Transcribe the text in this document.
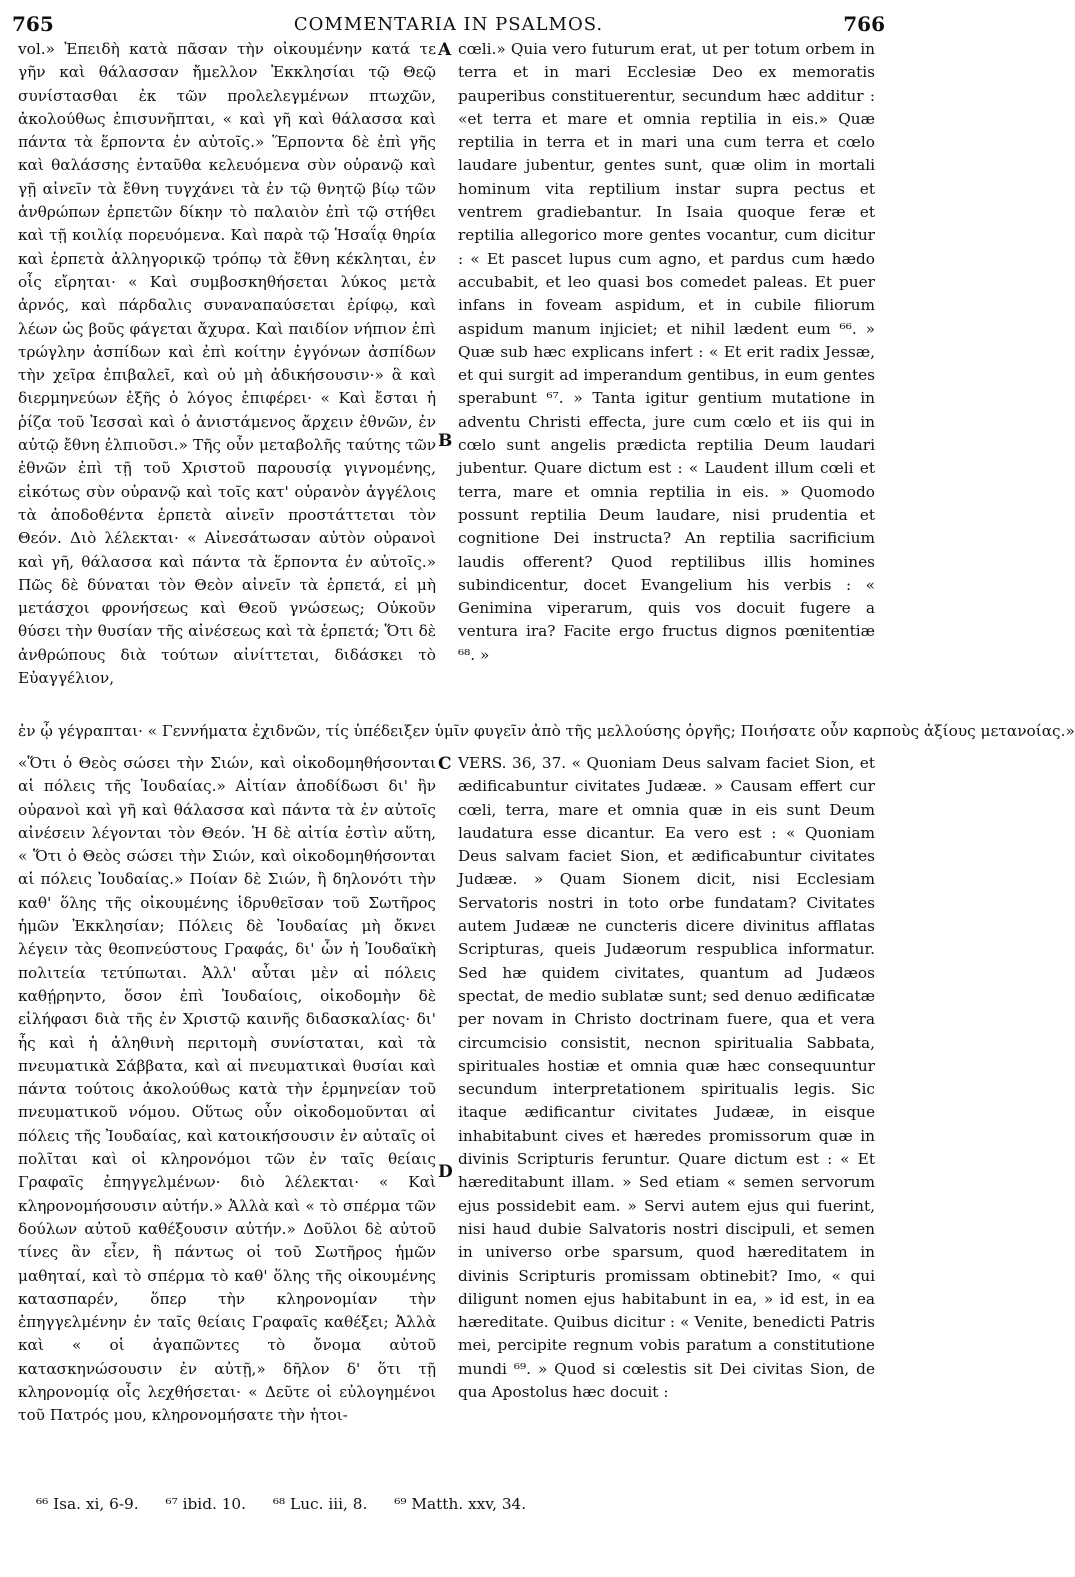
765	COMMENTARIA IN PSALMOS.	766

vol.» Ἐπειδὴ κατὰ πᾶσαν τὴν οἰκουμένην κατά τε γῆν καὶ θάλασσαν ἤμελλον Ἐκκλησίαι τῷ Θεῷ συνίστασθαι ἐκ τῶν προλελεγμένων πτωχῶν, ἀκολούθως ἐπισυνῆπται, « καὶ γῆ καὶ θάλασσα καὶ πάντα τὰ ἕρποντα ἐν αὐτοῖς.» Ἕρποντα δὲ ἐπὶ γῆς καὶ θαλάσσης ἐνταῦθα κελευόμενα σὺν οὐρανῷ καὶ γῇ αἰνεῖν τὰ ἔθνη τυγχάνει τὰ ἐν τῷ θνητῷ βίῳ τῶν ἀνθρώπων ἑρπετῶν δίκην τὸ παλαιὸν ἐπὶ τῷ στήθει καὶ τῇ κοιλίᾳ πορευόμενα. Καὶ παρὰ τῷ Ἡσαΐᾳ θηρία καὶ ἑρπετὰ ἀλληγορικῷ τρόπῳ τὰ ἔθνη κέκληται, ἐν οἷς εἴρηται· « Καὶ συμβοσκηθήσεται λύκος μετὰ ἀρνός, καὶ πάρδαλις συναναπαύσεται ἐρίφῳ, καὶ λέων ὡς βοῦς φάγεται ἄχυρα. Καὶ παιδίον νήπιον ἐπὶ τρώγλην ἀσπίδων καὶ ἐπὶ κοίτην ἐγγόνων ἀσπίδων τὴν χεῖρα ἐπιβαλεῖ, καὶ οὐ μὴ ἀδικήσουσιν·» ἃ καὶ διερμηνεύων ἑξῆς ὁ λόγος ἐπιφέρει· « Καὶ ἔσται ἡ ῥίζα τοῦ Ἰεσσαὶ καὶ ὁ ἀνιστάμενος ἄρχειν ἐθνῶν, ἐν αὐτῷ ἔθνη ἐλπιοῦσι.» Τῆς οὖν μεταβολῆς ταύτης τῶν ἐθνῶν ἐπὶ τῇ τοῦ Χριστοῦ παρουσίᾳ γιγνομένης, εἰκότως σὺν οὐρανῷ καὶ τοῖς κατ' οὐρανὸν ἀγγέλοις τὰ ἀποδοθέντα ἑρπετὰ αἰνεῖν προστάττεται τὸν Θεόν. Διὸ λέλεκται· « Αἰνεσάτωσαν αὐτὸν οὐρανοὶ καὶ γῆ, θάλασσα καὶ πάντα τὰ ἕρποντα ἐν αὐτοῖς.» Πῶς δὲ δύναται τὸν Θεὸν αἰνεῖν τὰ ἑρπετά, εἰ μὴ μετάσχοι φρονήσεως καὶ Θεοῦ γνώσεως; Οὐκοῦν θύσει τὴν θυσίαν τῆς αἰνέσεως καὶ τὰ ἑρπετά; Ὅτι δὲ ἀνθρώπους διὰ τούτων αἰνίττεται, διδάσκει τὸ Εὐαγγέλιον,

cœli.» Quia vero futurum erat, ut per totum orbem in terra et in mari Ecclesiæ Deo ex memoratis pauperibus constituerentur, secundum hæc additur : «et terra et mare et omnia reptilia in eis.» Quæ reptilia in terra et in mari una cum terra et cœlo laudare jubentur, gentes sunt, quæ olim in mortali hominum vita reptilium instar supra pectus et ventrem gradiebantur. In Isaia quoque feræ et reptilia allegorico more gentes vocantur, cum dicitur : « Et pascet lupus cum agno, et pardus cum hædo accubabit, et leo quasi bos comedet paleas. Et puer infans in foveam aspidum, et in cubile filiorum aspidum manum injiciet; et nihil lædent eum ⁶⁶. » Quæ sub hæc explicans infert : « Et erit radix Jessæ, et qui surgit ad imperandum gentibus, in eum gentes sperabunt ⁶⁷. » Tanta igitur gentium mutatione in adventu Christi effecta, jure cum cœlo et iis qui in cœlo sunt angelis prædicta reptilia Deum laudari jubentur. Quare dictum est : « Laudent illum cœli et terra, mare et omnia reptilia in eis. » Quomodo possunt reptilia Deum laudare, nisi prudentia et cognitione Dei instructa? An reptilia sacrificium laudis offerent? Quod reptilibus illis homines subindicentur, docet Evangelium his verbis : « Genimina viperarum, quis vos docuit fugere a ventura ira? Facite ergo fructus dignos pœnitentiæ ⁶⁸. »

ἐν ᾧ γέγραπται· « Γεννήματα ἐχιδνῶν, τίς ὑπέδειξεν ὑμῖν φυγεῖν ἀπὸ τῆς μελλούσης ὀργῆς; Ποιήσατε οὖν καρποὺς ἀξίους μετανοίας.»

A
B
C
D

«Ὅτι ὁ Θεὸς σώσει τὴν Σιών, καὶ οἰκοδομηθήσονται αἱ πόλεις τῆς Ἰουδαίας.» Αἰτίαν ἀποδίδωσι δι' ἣν οὐρανοὶ καὶ γῆ καὶ θάλασσα καὶ πάντα τὰ ἐν αὐτοῖς αἰνέσειν λέγονται τὸν Θεόν. Ἡ δὲ αἰτία ἐστὶν αὕτη, « Ὅτι ὁ Θεὸς σώσει τὴν Σιών, καὶ οἰκοδομηθήσονται αἱ πόλεις Ἰουδαίας.» Ποίαν δὲ Σιών, ἢ δηλονότι τὴν καθ' ὅλης τῆς οἰκουμένης ἱδρυθεῖσαν τοῦ Σωτῆρος ἡμῶν Ἐκκλησίαν; Πόλεις δὲ Ἰουδαίας μὴ ὄκνει λέγειν τὰς θεοπνεύστους Γραφάς, δι' ὧν ἡ Ἰουδαϊκὴ πολιτεία τετύπωται. Ἀλλ' αὗται μὲν αἱ πόλεις καθῄρηντο, ὅσον ἐπὶ Ἰουδαίοις, οἰκοδομὴν δὲ εἰλήφασι διὰ τῆς ἐν Χριστῷ καινῆς διδασκαλίας· δι' ἧς καὶ ἡ ἀληθινὴ περιτομὴ συνίσταται, καὶ τὰ πνευματικὰ Σάββατα, καὶ αἱ πνευματικαὶ θυσίαι καὶ πάντα τούτοις ἀκολούθως κατὰ τὴν ἑρμηνείαν τοῦ πνευματικοῦ νόμου. Οὕτως οὖν οἰκοδομοῦνται αἱ πόλεις τῆς Ἰουδαίας, καὶ κατοικήσουσιν ἐν αὐταῖς οἱ πολῖται καὶ οἱ κληρονόμοι τῶν ἐν ταῖς θείαις Γραφαῖς ἐπηγγελμένων· διὸ λέλεκται· « Καὶ κληρονομήσουσιν αὐτήν.» Ἀλλὰ καὶ « τὸ σπέρμα τῶν δούλων αὐτοῦ καθέξουσιν αὐτήν.» Δοῦλοι δὲ αὐτοῦ τίνες ἂν εἶεν, ἢ πάντως οἱ τοῦ Σωτῆρος ἡμῶν μαθηταί, καὶ τὸ σπέρμα τὸ καθ' ὅλης τῆς οἰκουμένης κατασπαρέν, ὅπερ τὴν κληρονομίαν τὴν ἐπηγγελμένην ἐν ταῖς θείαις Γραφαῖς καθέξει; Ἀλλὰ καὶ « οἱ ἀγαπῶντες τὸ ὄνομα αὐτοῦ κατασκηνώσουσιν ἐν αὐτῇ,» δῆλον δ' ὅτι τῇ κληρονομίᾳ οἷς λεχθήσεται· « Δεῦτε οἱ εὐλογημένοι τοῦ Πατρός μου, κληρονομήσατε τὴν ἡτοι-

VERS. 36, 37. « Quoniam Deus salvam faciet Sion, et ædificabuntur civitates Judææ. » Causam effert cur cœli, terra, mare et omnia quæ in eis sunt Deum laudatura esse dicantur. Ea vero est : « Quoniam Deus salvam faciet Sion, et ædificabuntur civitates Judææ. » Quam Sionem dicit, nisi Ecclesiam Servatoris nostri in toto orbe fundatam? Civitates autem Judææ ne cuncteris dicere divinitus afflatas Scripturas, queis Judæorum respublica informatur. Sed hæ quidem civitates, quantum ad Judæos spectat, de medio sublatæ sunt; sed denuo ædificatæ per novam in Christo doctrinam fuere, qua et vera circumcisio consistit, necnon spiritualia Sabbata, spirituales hostiæ et omnia quæ hæc consequuntur secundum interpretationem spiritualis legis. Sic itaque ædificantur civitates Judææ, in eisque inhabitabunt cives et hæredes promissorum quæ in divinis Scripturis feruntur. Quare dictum est : « Et hæreditabunt illam. » Sed etiam « semen servorum ejus possidebit eam. » Servi autem ejus qui fuerint, nisi haud dubie Salvatoris nostri discipuli, et semen in universo orbe sparsum, quod hæreditatem in divinis Scripturis promissam obtinebit? Imo, « qui diligunt nomen ejus habitabunt in ea, » id est, in ea hæreditate. Quibus dicitur : « Venite, benedicti Patris mei, percipite regnum vobis paratum a constitutione mundi ⁶⁹. » Quod si cœlestis sit Dei civitas Sion, de qua Apostolus hæc docuit :

⁶⁶ Isa. xi, 6-9. ⁶⁷ ibid. 10. ⁶⁸ Luc. iii, 8. ⁶⁹ Matth. xxv, 34.
